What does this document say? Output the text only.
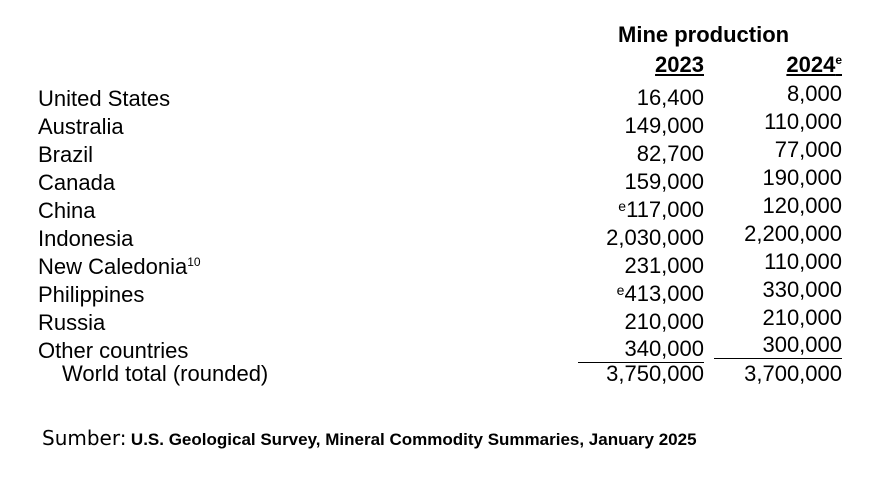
Mine production
2023	2024e
United States	16,400	8,000
Australia	149,000	110,000
Brazil	82,700	77,000
Canada	159,000	190,000
China	$^e$117,000	120,000
Indonesia	2,030,000	2,200,000
New Caledonia$^{10}$	231,000	110,000
Philippines	$^e$413,000	330,000
Russia	210,000	210,000
Other countries	340,000	300,000
World total (rounded)	3,750,000	3,700,000
Sumber: U.S. Geological Survey, Mineral Commodity Summaries, January 2025
